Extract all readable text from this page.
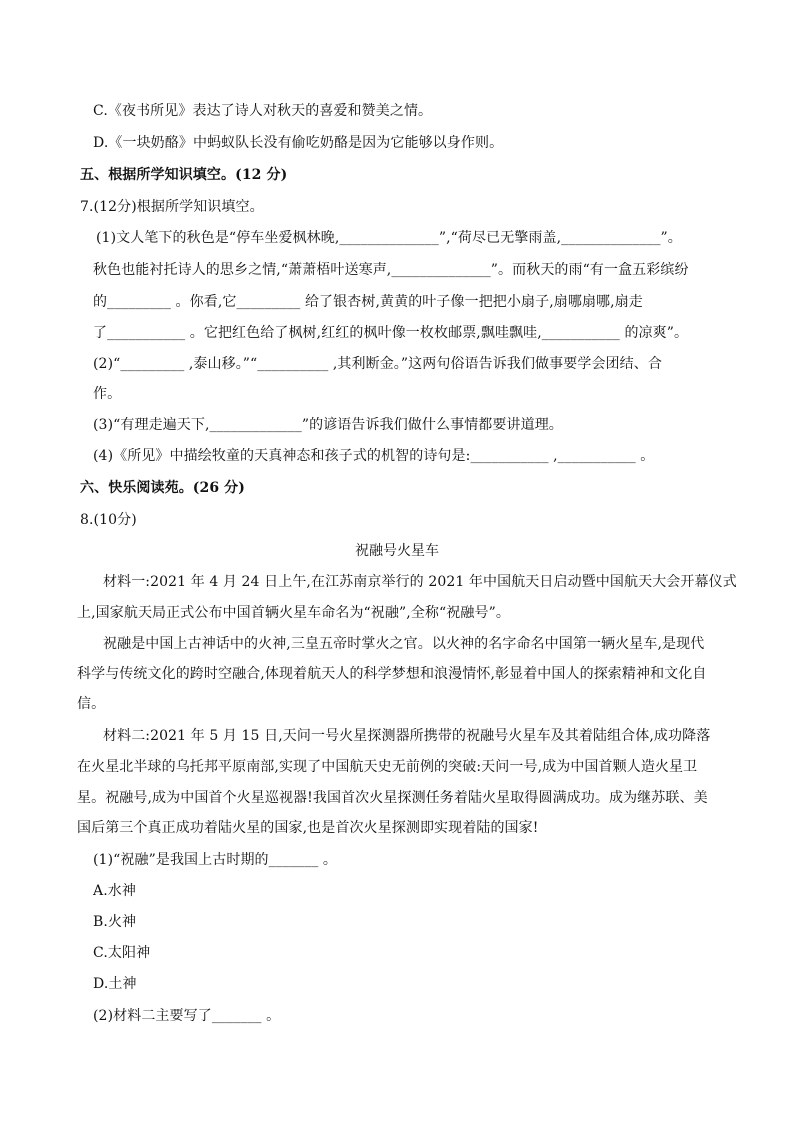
C.《夜书所见》表达了诗人对秋天的喜爱和赞美之情。
D.《一块奶酪》中蚂蚁队长没有偷吃奶酪是因为它能够以身作则。
五、根据所学知识填空。(12 分)
7.(12分)根据所学知识填空。
(1)文人笔下的秋色是“停车坐爱枫林晚,______________”,“荷尽已无擎雨盖,______________”。
秋色也能衬托诗人的思乡之情,“萧萧梧叶送寒声,______________”。而秋天的雨“有一盒五彩缤纷
的_________ 。你看,它_________ 给了银杏树,黄黄的叶子像一把把小扇子,扇哪扇哪,扇走
了___________ 。它把红色给了枫树,红红的枫叶像一枚枚邮票,飘哇飘哇,___________ 的凉爽”。
(2)“_________ ,泰山移。”“__________ ,其利断金。”这两句俗语告诉我们做事要学会团结、合
作。
(3)“有理走遍天下,_____________”的谚语告诉我们做什么事情都要讲道理。
(4)《所见》中描绘牧童的天真神态和孩子式的机智的诗句是:___________ ,___________ 。
六、快乐阅读苑。(26 分)
8.(10分)
祝融号火星车
材料一:2021 年 4 月 24 日上午,在江苏南京举行的 2021 年中国航天日启动暨中国航天大会开幕仪式
上,国家航天局正式公布中国首辆火星车命名为“祝融”,全称“祝融号”。
祝融是中国上古神话中的火神,三皇五帝时掌火之官。以火神的名字命名中国第一辆火星车,是现代
科学与传统文化的跨时空融合,体现着航天人的科学梦想和浪漫情怀,彰显着中国人的探索精神和文化自
信。
材料二:2021 年 5 月 15 日,天问一号火星探测器所携带的祝融号火星车及其着陆组合体,成功降落
在火星北半球的乌托邦平原南部,实现了中国航天史无前例的突破:天问一号,成为中国首颗人造火星卫
星。祝融号,成为中国首个火星巡视器!我国首次火星探测任务着陆火星取得圆满成功。成为继苏联、美
国后第三个真正成功着陆火星的国家,也是首次火星探测即实现着陆的国家!
(1)“祝融”是我国上古时期的_______ 。
A.水神
B.火神
C.太阳神
D.土神
(2)材料二主要写了_______ 。
